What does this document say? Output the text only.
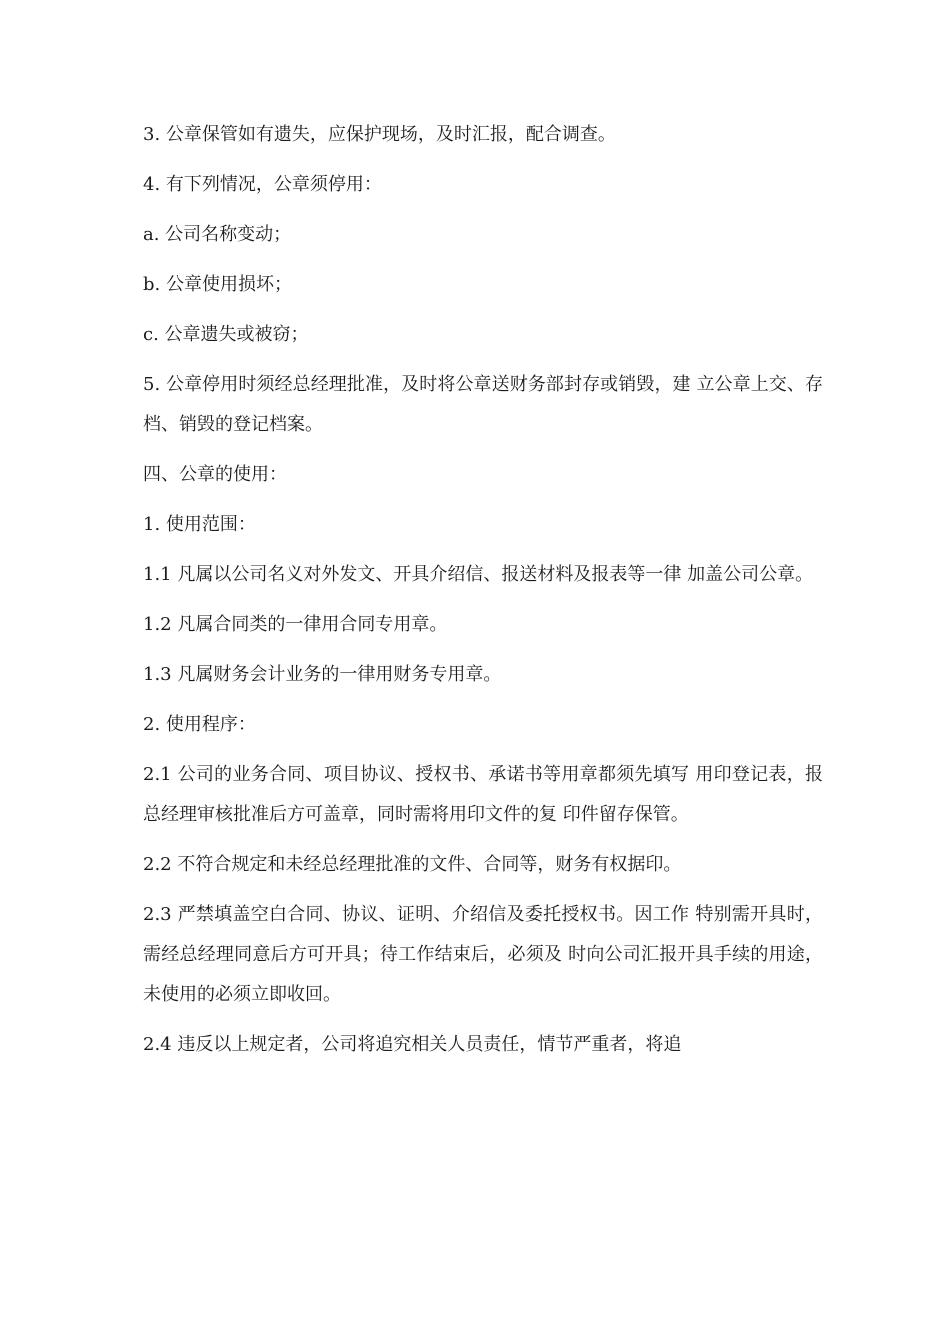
3. 公章保管如有遗失，应保护现场，及时汇报，配合调查。

4. 有下列情况，公章须停用：

a. 公司名称变动；

b. 公章使用损坏；

c. 公章遗失或被窃；

5. 公章停用时须经总经理批准，及时将公章送财务部封存或销毁，建 立公章上交、存档、销毁的登记档案。

四、公章的使用：

1. 使用范围：

1.1 凡属以公司名义对外发文、开具介绍信、报送材料及报表等一律 加盖公司公章。

1.2 凡属合同类的一律用合同专用章。

1.3 凡属财务会计业务的一律用财务专用章。

2. 使用程序：

2.1 公司的业务合同、项目协议、授权书、承诺书等用章都须先填写 用印登记表，报总经理审核批准后方可盖章，同时需将用印文件的复 印件留存保管。

2.2 不符合规定和未经总经理批准的文件、合同等，财务有权据印。

2.3 严禁填盖空白合同、协议、证明、介绍信及委托授权书。因工作 特别需开具时，需经总经理同意后方可开具；待工作结束后，必须及 时向公司汇报开具手续的用途，未使用的必须立即收回。

2.4 违反以上规定者，公司将追究相关人员责任，情节严重者，将追
